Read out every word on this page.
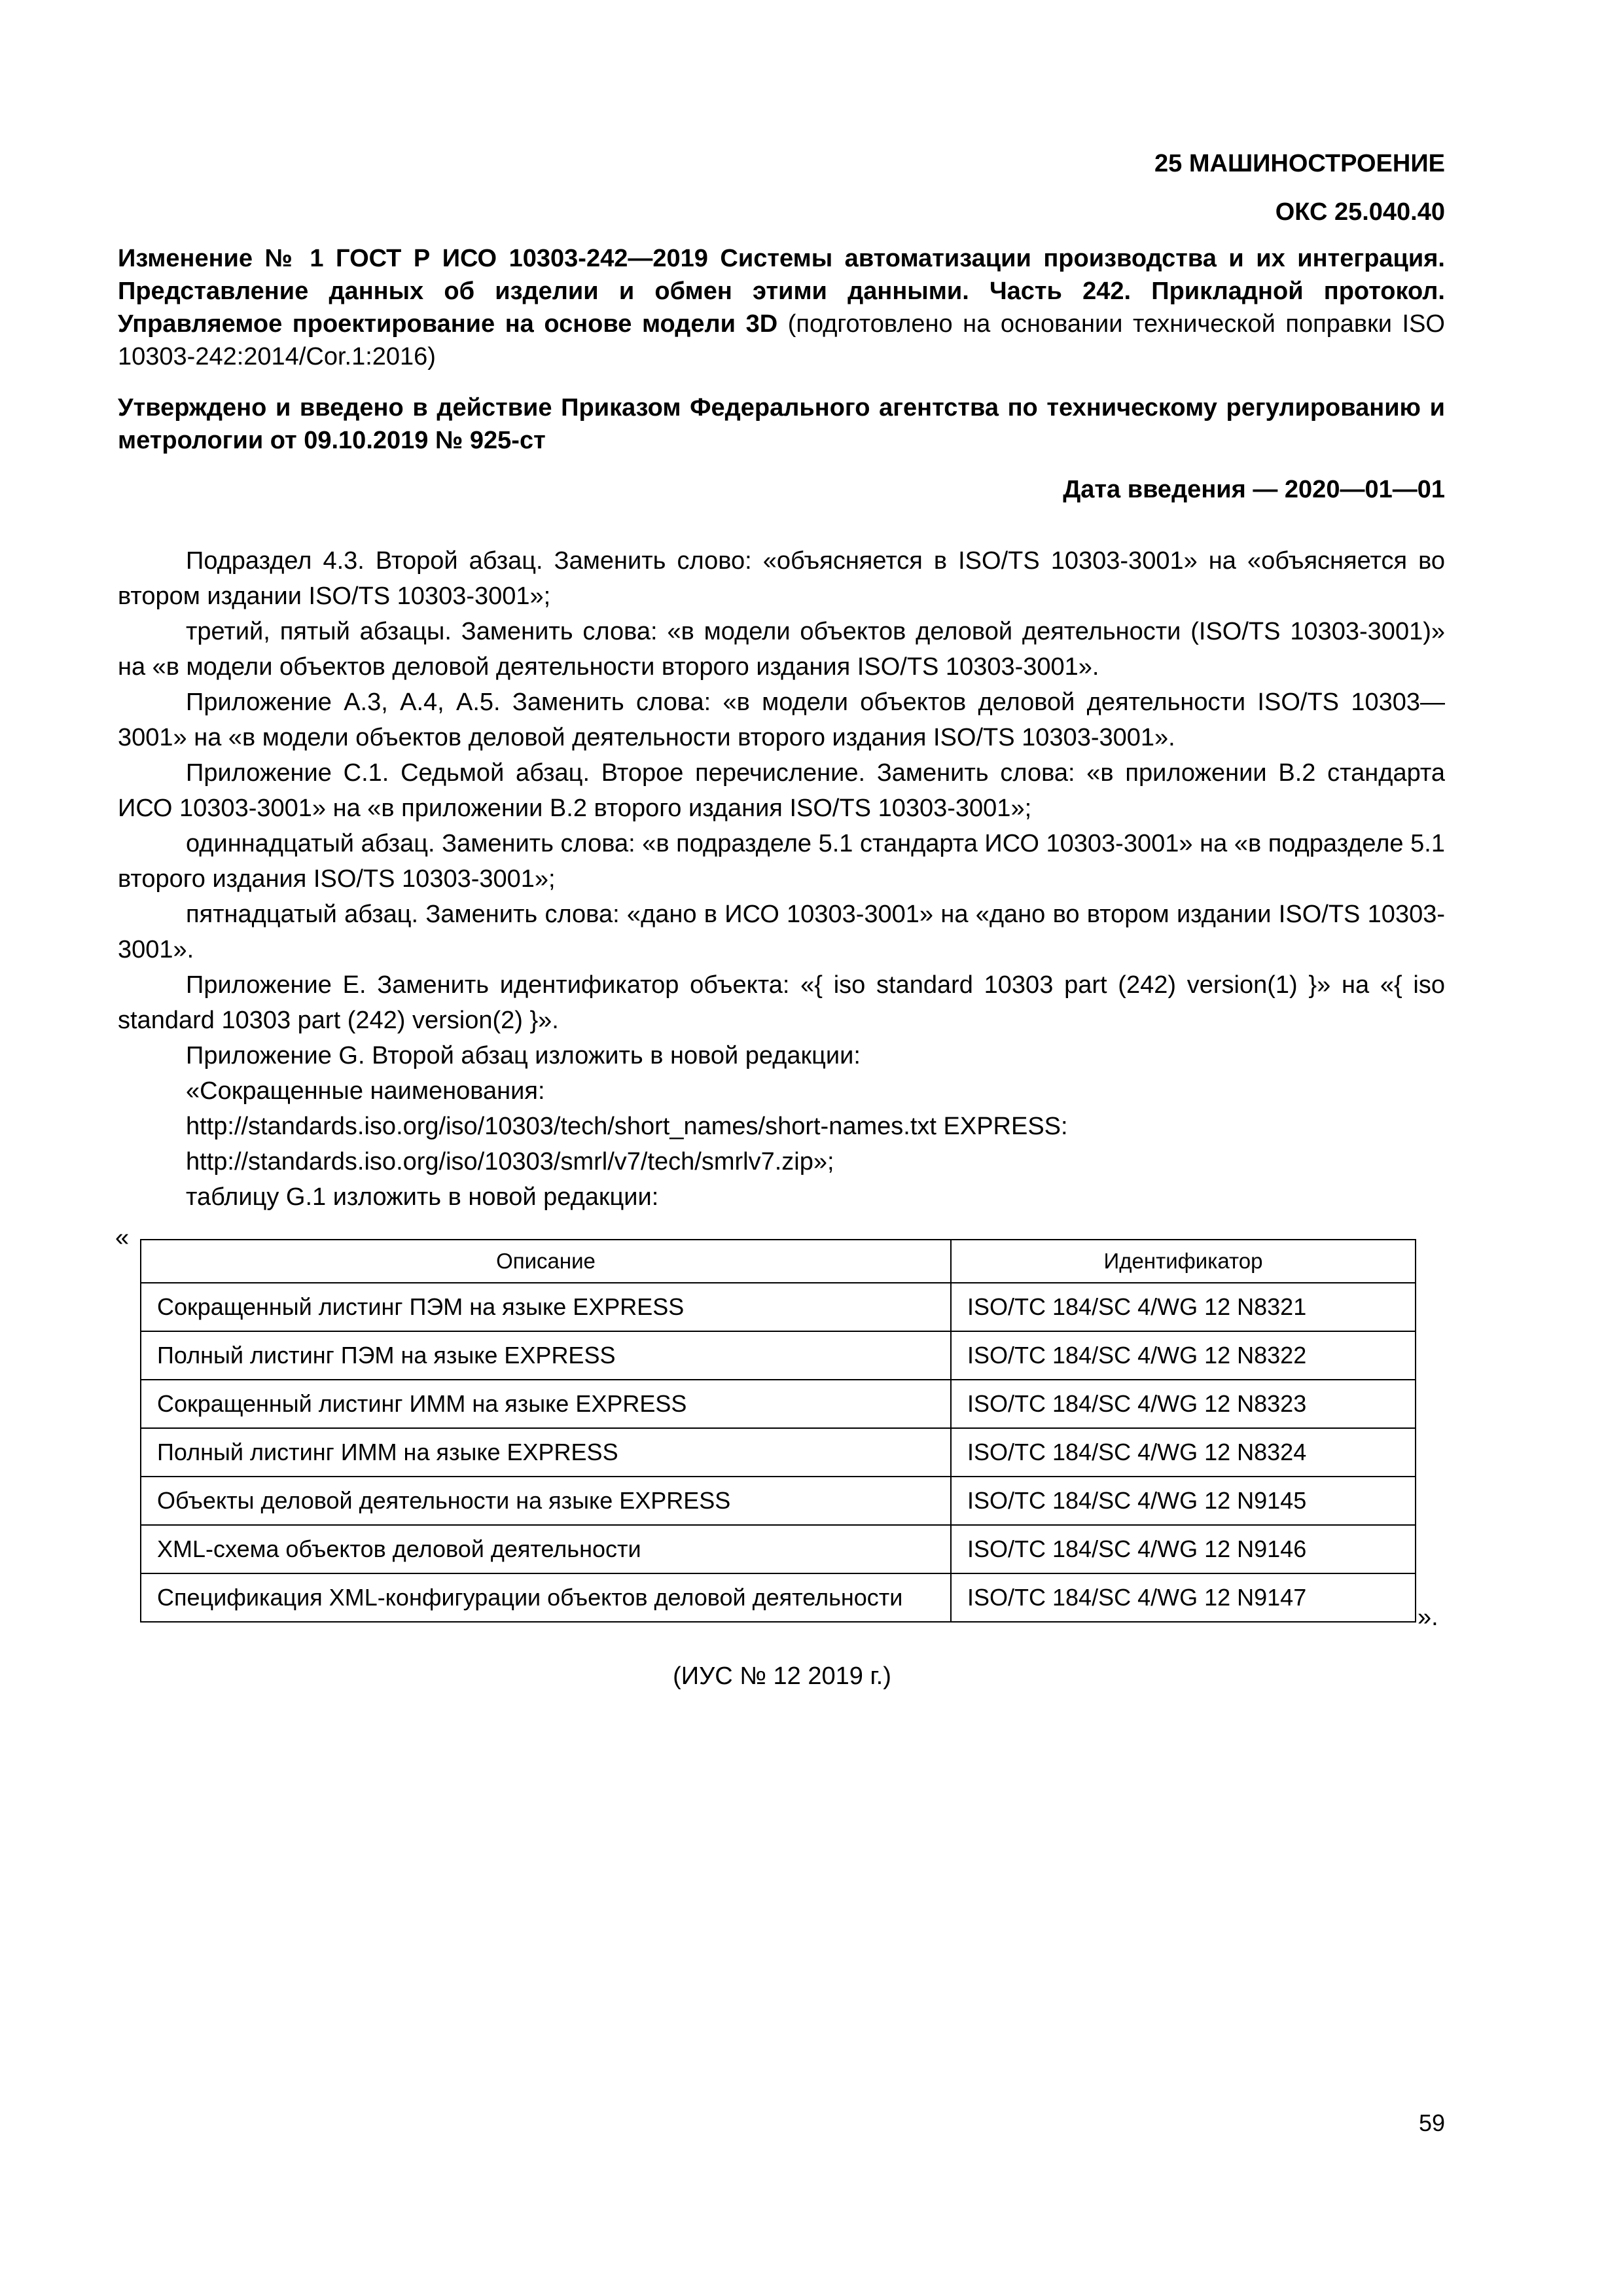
25 МАШИНОСТРОЕНИЕ
ОКС 25.040.40
Изменение № 1 ГОСТ Р ИСО 10303-242—2019 Системы автоматизации производства и их интеграция. Представление данных об изделии и обмен этими данными. Часть 242. Прикладной протокол. Управляемое проектирование на основе модели 3D (подготовлено на основании технической поправки ISO 10303-242:2014/Cor.1:2016)
Утверждено и введено в действие Приказом Федерального агентства по техническому регулированию и метрологии от 09.10.2019 № 925-ст
Дата введения — 2020—01—01

Подраздел 4.3. Второй абзац. Заменить слово: «объясняется в ISO/TS 10303-3001» на «объясняется во втором издании ISO/TS 10303-3001»;

третий, пятый абзацы. Заменить слова: «в модели объектов деловой деятельности (ISO/TS 10303-3001)» на «в модели объектов деловой деятельности второго издания ISO/TS 10303-3001».

Приложение А.3, А.4, А.5. Заменить слова: «в модели объектов деловой деятельности ISO/TS 10303—3001» на «в модели объектов деловой деятельности второго издания ISO/TS 10303-3001».

Приложение С.1. Седьмой абзац. Второе перечисление. Заменить слова: «в приложении В.2 стандарта ИСО 10303-3001» на «в приложении В.2 второго издания ISO/TS 10303-3001»;

одиннадцатый абзац. Заменить слова: «в подразделе 5.1 стандарта ИСО 10303-3001» на «в подразделе 5.1 второго издания ISO/TS 10303-3001»;

пятнадцатый абзац. Заменить слова: «дано в ИСО 10303-3001» на «дано во втором издании ISO/TS 10303-3001».

Приложение E. Заменить идентификатор объекта: «{ iso standard 10303 part (242) version(1) }» на «{ iso standard 10303 part (242) version(2) }».

Приложение G. Второй абзац изложить в новой редакции:

«Сокращенные наименования:

http://standards.iso.org/iso/10303/tech/short_names/short-names.txt EXPRESS:

http://standards.iso.org/iso/10303/smrl/v7/tech/smrlv7.zip»;

таблицу G.1 изложить в новой редакции:

«
Описание	Идентификатор
Сокращенный листинг ПЭМ на языке EXPRESS	ISO/TC 184/SC 4/WG 12 N8321
Полный листинг ПЭМ на языке EXPRESS	ISO/TC 184/SC 4/WG 12 N8322
Сокращенный листинг ИММ на языке EXPRESS	ISO/TC 184/SC 4/WG 12 N8323
Полный листинг ИММ на языке EXPRESS	ISO/TC 184/SC 4/WG 12 N8324
Объекты деловой деятельности на языке EXPRESS	ISO/TC 184/SC 4/WG 12 N9145
XML-схема объектов деловой деятельности	ISO/TC 184/SC 4/WG 12 N9146
Спецификация XML-конфигурации объектов деловой деятельности	ISO/TC 184/SC 4/WG 12 N9147
».
(ИУС № 12 2019 г.)
59
